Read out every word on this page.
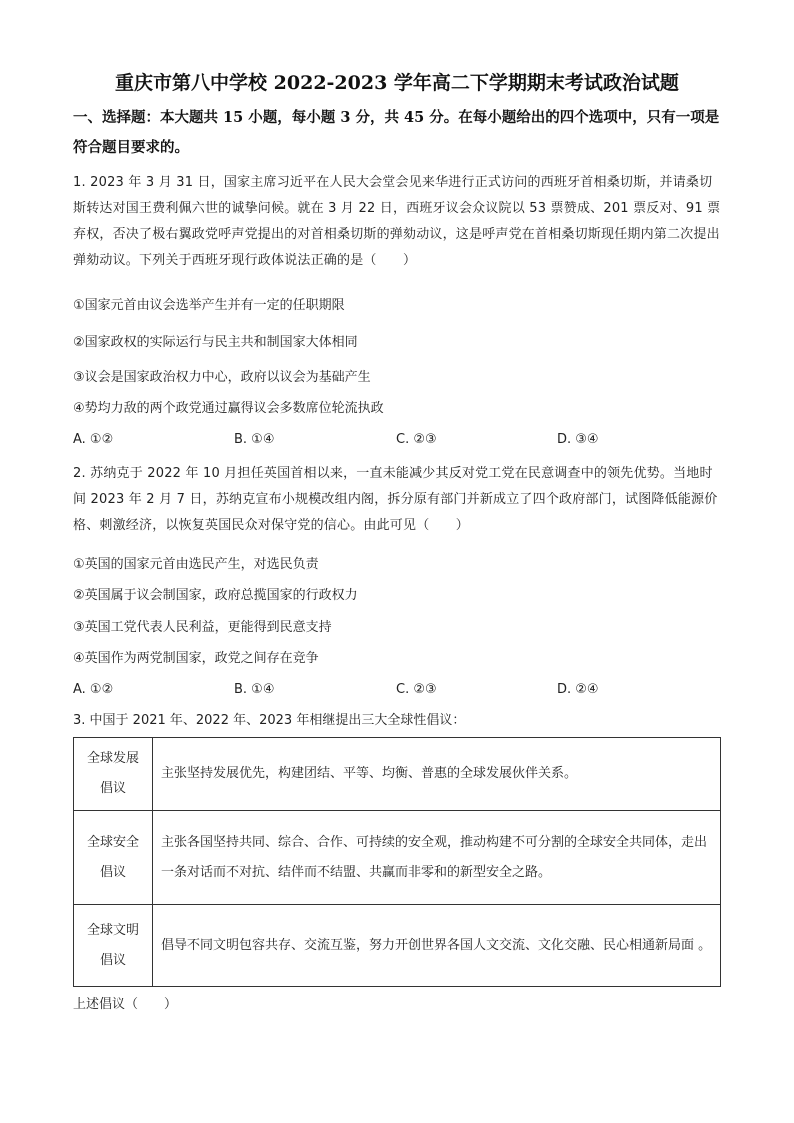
重庆市第八中学校 2022-2023 学年高二下学期期末考试政治试题
一、选择题：本大题共 15 小题，每小题 3 分，共 45 分。在每小题给出的四个选项中，只有一项是符合题目要求的。
1. 2023 年 3 月 31 日，国家主席习近平在人民大会堂会见来华进行正式访问的西班牙首相桑切斯，并请桑切斯转达对国王费利佩六世的诚挚问候。就在 3 月 22 日，西班牙议会众议院以 53 票赞成、201 票反对、91 票弃权，否决了极右翼政党呼声党提出的对首相桑切斯的弹劾动议，这是呼声党在首相桑切斯现任期内第二次提出弹劾动议。下列关于西班牙现行政体说法正确的是（　　）
①国家元首由议会选举产生并有一定的任职期限
②国家政权的实际运行与民主共和制国家大体相同
③议会是国家政治权力中心，政府以议会为基础产生
④势均力敌的两个政党通过赢得议会多数席位轮流执政
A. ①②	B. ①④	C. ②③	D. ③④
2. 苏纳克于 2022 年 10 月担任英国首相以来，一直未能减少其反对党工党在民意调查中的领先优势。当地时间 2023 年 2 月 7 日，苏纳克宣布小规模改组内阁，拆分原有部门并新成立了四个政府部门，试图降低能源价格、刺激经济，以恢复英国民众对保守党的信心。由此可见（　　）
①英国的国家元首由选民产生，对选民负责
②英国属于议会制国家，政府总揽国家的行政权力
③英国工党代表人民利益，更能得到民意支持
④英国作为两党制国家，政党之间存在竞争
A. ①②	B. ①④	C. ②③	D. ②④
3. 中国于 2021 年、2022 年、2023 年相继提出三大全球性倡议：
全球发展倡议	主张坚持发展优先，构建团结、平等、均衡、普惠的全球发展伙伴关系。

全球安全倡议	主张各国坚持共同、综合、合作、可持续的安全观，推动构建不可分割的全球安全共同体，走出一条对话而不对抗、结伴而不结盟、共赢而非零和的新型安全之路。

全球文明倡议	倡导不同文明包容共存、交流互鉴，努力开创世界各国人文交流、文化交融、民心相通新局面 。
上述倡议（　　）
